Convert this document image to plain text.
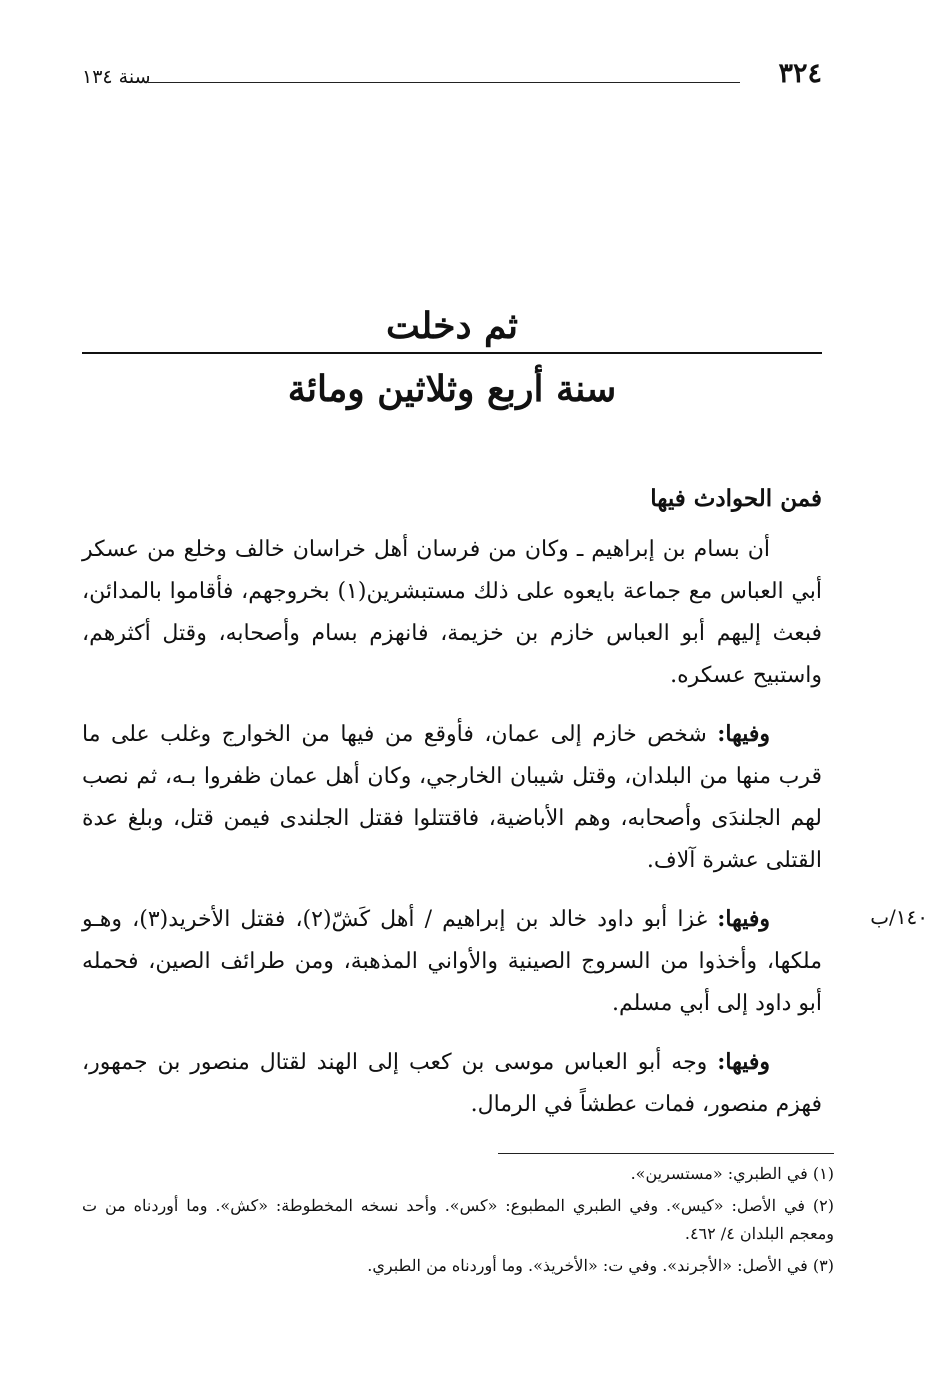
٣٢٤
سنة ١٣٤
ثم دخلت
سنة أربع وثلاثين ومائة

فمن الحوادث فيها

أن بسام بن إبراهيم ـ وكان من فرسان أهل خراسان خالف وخلع من عسكر أبي العباس مع جماعة بايعوه على ذلك مستبشرين(١) بخروجهم، فأقاموا بالمدائن، فبعث إليهم أبو العباس خازم بن خزيمة، فانهزم بسام وأصحابه، وقتل أكثرهم، واستبيح عسكره.

وفيها: شخص خازم إلى عمان، فأوقع من فيها من الخوارج وغلب على ما قرب منها من البلدان، وقتل شيبان الخارجي، وكان أهل عمان ظفروا بـه، ثم نصب لهم الجلندَى وأصحابه، وهم الأباضية، فاقتتلوا فقتل الجلندى فيمن قتل، وبلغ عدة القتلى عشرة آلاف.

وفيها: غزا أبو داود خالد بن إبراهيم / أهل كَشّ(٢)، فقتل الأخريد(٣)، وهـو ملكها، وأخذوا من السروج الصينية والأواني المذهبة، ومن طرائف الصين، فحمله أبو داود إلى أبي مسلم.

وفيها: وجه أبو العباس موسى بن كعب إلى الهند لقتال منصور بن جمهور، فهزم منصور، فمات عطشاً في الرمال.

١٤٠/ب

(١) في الطبري: «مستسرين».

(٢) في الأصل: «كيس». وفي الطبري المطبوع: «كس». وأحد نسخه المخطوطة: «كش». وما أوردناه من ت ومعجم البلدان ٤/ ٤٦٢.

(٣) في الأصل: «الأجرند». وفي ت: «الأخريذ». وما أوردناه من الطبري.
